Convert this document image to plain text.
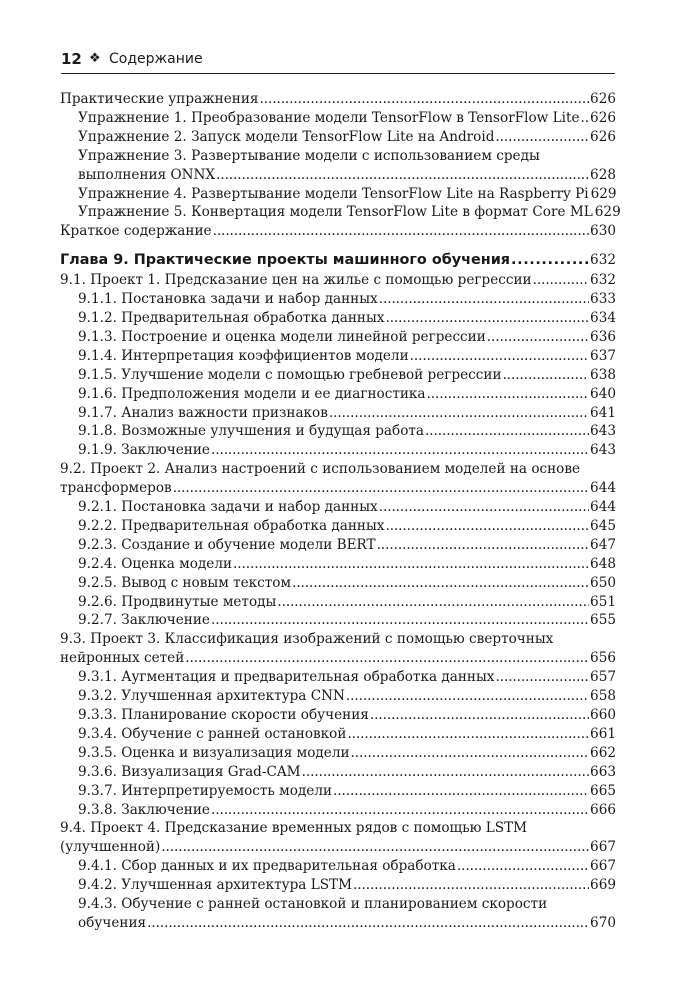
12 ❖ Содержание
Практические упражнения . . .	626
Упражнение 1. Преобразование модели TensorFlow в TensorFlow Lite . . . 626
Упражнение 2. Запуск модели TensorFlow Lite на Android . . .	626
Упражнение 3. Развертывание модели с использованием среды
выполнения ONNX . . .	628
Упражнение 4. Развертывание модели TensorFlow Lite на Raspberry Pi 629
Упражнение 5. Конвертация модели TensorFlow Lite в формат Core ML 629
Краткое содержание . . .	630
Глава 9. Практические проекты машинного обучения . . .	632
9.1. Проект 1. Предсказание цен на жилье с помощью регрессии . . .	632
9.1.1. Постановка задачи и набор данных . . .	633
9.1.2. Предварительная обработка данных . . .	634
9.1.3. Построение и оценка модели линейной регрессии . . .	636
9.1.4. Интерпретация коэффициентов модели . . .	637
9.1.5. Улучшение модели с помощью гребневой регрессии . . .	638
9.1.6. Предположения модели и ее диагностика . . .	640
9.1.7. Анализ важности признаков . . .	641
9.1.8. Возможные улучшения и будущая работа . . .	643
9.1.9. Заключение . . .	643
9.2. Проект 2. Анализ настроений с использованием моделей на основе
трансформеров . . .	644
9.2.1. Постановка задачи и набор данных . . .	644
9.2.2. Предварительная обработка данных . . .	645
9.2.3. Создание и обучение модели BERT . . .	647
9.2.4. Оценка модели . . .	648
9.2.5. Вывод с новым текстом . . .	650
9.2.6. Продвинутые методы . . .	651
9.2.7. Заключение . . .	655
9.3. Проект 3. Классификация изображений с помощью сверточных
нейронных сетей . . .	656
9.3.1. Аугментация и предварительная обработка данных . . .	657
9.3.2. Улучшенная архитектура CNN . . .	658
9.3.3. Планирование скорости обучения . . .	660
9.3.4. Обучение с ранней остановкой . . .	661
9.3.5. Оценка и визуализация модели . . .	662
9.3.6. Визуализация Grad-CAM . . .	663
9.3.7. Интерпретируемость модели . . .	665
9.3.8. Заключение . . .	666
9.4. Проект 4. Предсказание временных рядов с помощью LSTM
(улучшенной) . . .	667
9.4.1. Сбор данных и их предварительная обработка . . .	667
9.4.2. Улучшенная архитектура LSTM . . .	669
9.4.3. Обучение с ранней остановкой и планированием скорости
обучения . . .	670
